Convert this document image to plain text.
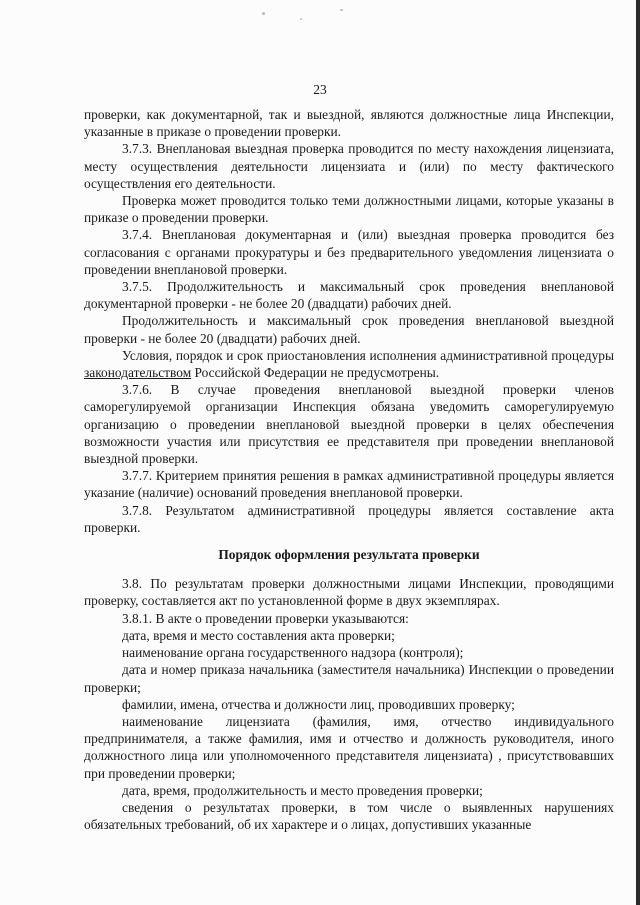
23

проверки, как документарной, так и выездной, являются должностные лица Инспекции, указанные в приказе о проведении проверки.

3.7.3. Внеплановая выездная проверка проводится по месту нахождения лицензиата, месту осуществления деятельности лицензиата и (или) по месту фактического осуществления его деятельности.

Проверка может проводится только теми должностными лицами, которые указаны в приказе о проведении проверки.

3.7.4. Внеплановая документарная и (или) выездная проверка проводится без согласования с органами прокуратуры и без предварительного уведомления лицензиата о проведении внеплановой проверки.

3.7.5. Продолжительность и максимальный срок проведения внеплановой документарной проверки - не более 20 (двадцати) рабочих дней.

Продолжительность и максимальный срок проведения внеплановой выездной проверки - не более 20 (двадцати) рабочих дней.

Условия, порядок и срок приостановления исполнения административной процедуры законодательством Российской Федерации не предусмотрены.

3.7.6. В случае проведения внеплановой выездной проверки членов саморегулируемой организации Инспекция обязана уведомить саморегулируемую организацию о проведении внеплановой выездной проверки в целях обеспечения возможности участия или присутствия ее представителя при проведении внеплановой выездной проверки.

3.7.7. Критерием принятия решения в рамках административной процедуры является указание (наличие) оснований проведения внеплановой проверки.

3.7.8. Результатом административной процедуры является составление акта проверки.

Порядок оформления результата проверки

3.8. По результатам проверки должностными лицами Инспекции, проводящими проверку, составляется акт по установленной форме в двух экземплярах.

3.8.1. В акте о проведении проверки указываются:

дата, время и место составления акта проверки;

наименование органа государственного надзора (контроля);

дата и номер приказа начальника (заместителя начальника) Инспекции о проведении проверки;

фамилии, имена, отчества и должности лиц, проводивших проверку;

наименование лицензиата (фамилия, имя, отчество индивидуального предпринимателя, а также фамилия, имя и отчество и должность руководителя, иного должностного лица или уполномоченного представителя лицензиата) , присутствовавших при проведении проверки;

дата, время, продолжительность и место проведения проверки;

сведения о результатах проверки, в том числе о выявленных нарушениях обязательных требований, об их характере и о лицах, допустивших указанные
